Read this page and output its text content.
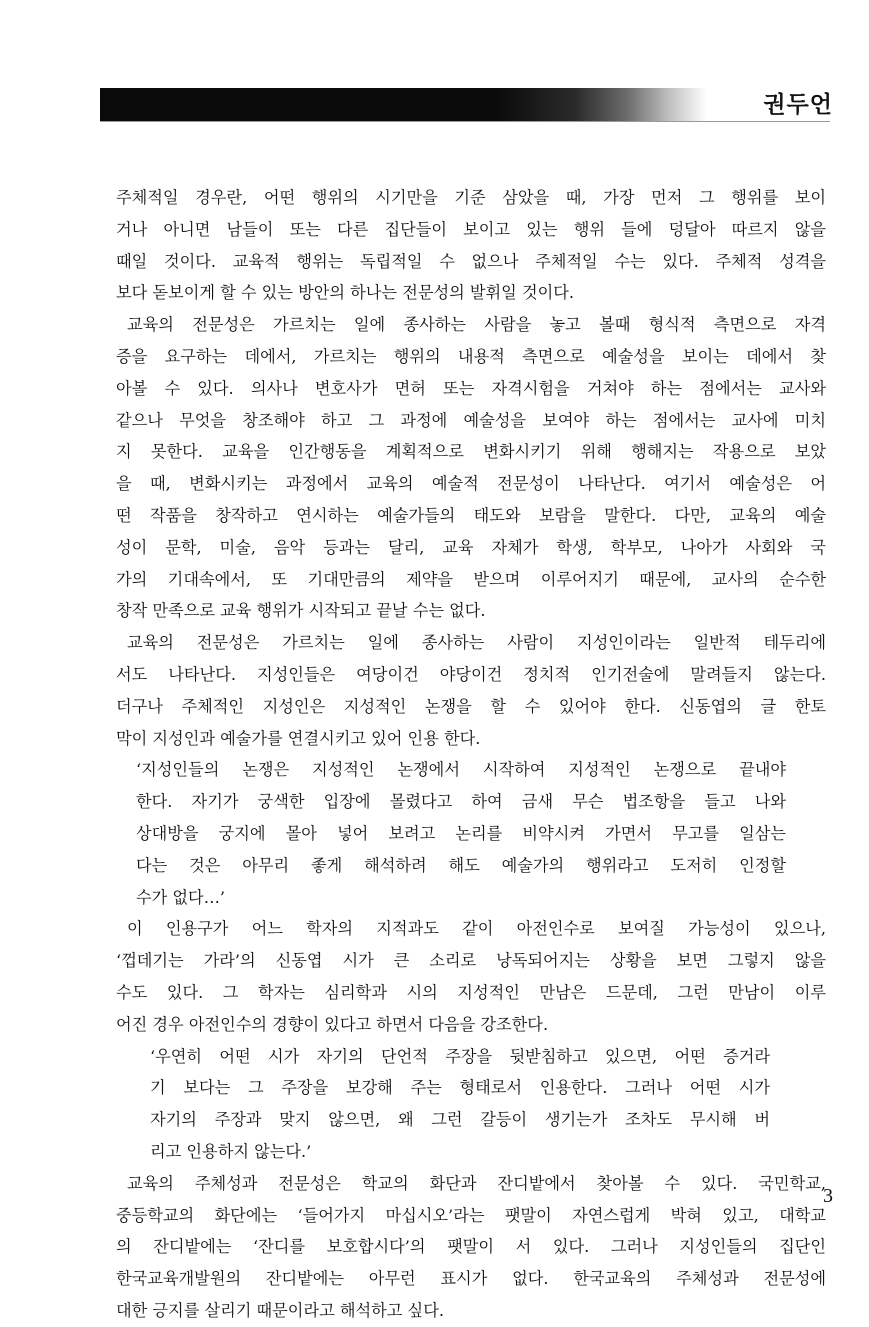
권두언
주체적일 경우란, 어떤 행위의 시기만을 기준 삼았을 때, 가장 먼저 그 행위를 보이
거나 아니면 남들이 또는 다른 집단들이 보이고 있는 행위 들에 덩달아 따르지 않을
때일 것이다. 교육적 행위는 독립적일 수 없으나 주체적일 수는 있다. 주체적 성격을
보다 돋보이게 할 수 있는 방안의 하나는 전문성의 발휘일 것이다.
교육의 전문성은 가르치는 일에 종사하는 사람을 놓고 볼때 형식적 측면으로 자격
증을 요구하는 데에서, 가르치는 행위의 내용적 측면으로 예술성을 보이는 데에서 찾
아볼 수 있다. 의사나 변호사가 면허 또는 자격시험을 거쳐야 하는 점에서는 교사와
같으나 무엇을 창조해야 하고 그 과정에 예술성을 보여야 하는 점에서는 교사에 미치
지 못한다. 교육을 인간행동을 계획적으로 변화시키기 위해 행해지는 작용으로 보았
을 때, 변화시키는 과정에서 교육의 예술적 전문성이 나타난다. 여기서 예술성은 어
떤 작품을 창작하고 연시하는 예술가들의 태도와 보람을 말한다. 다만, 교육의 예술
성이 문학, 미술, 음악 등과는 달리, 교육 자체가 학생, 학부모, 나아가 사회와 국
가의 기대속에서, 또 기대만큼의 제약을 받으며 이루어지기 때문에, 교사의 순수한
창작 만족으로 교육 행위가 시작되고 끝날 수는 없다.
교육의 전문성은 가르치는 일에 종사하는 사람이 지성인이라는 일반적 테두리에
서도 나타난다. 지성인들은 여당이건 야당이건 정치적 인기전술에 말려들지 않는다.
더구나 주체적인 지성인은 지성적인 논쟁을 할 수 있어야 한다. 신동엽의 글 한토
막이 지성인과 예술가를 연결시키고 있어 인용 한다.
‘지성인들의 논쟁은 지성적인 논쟁에서 시작하여 지성적인 논쟁으로 끝내야
한다. 자기가 궁색한 입장에 몰렸다고 하여 금새 무슨 법조항을 들고 나와
상대방을 궁지에 몰아 넣어 보려고 논리를 비약시켜 가면서 무고를 일삼는
다는 것은 아무리 좋게 해석하려 해도 예술가의 행위라고 도저히 인정할
수가 없다…’
이 인용구가 어느 학자의 지적과도 같이 아전인수로 보여질 가능성이 있으나,
‘껍데기는 가라’의 신동엽 시가 큰 소리로 낭독되어지는 상황을 보면 그렇지 않을
수도 있다. 그 학자는 심리학과 시의 지성적인 만남은 드문데, 그런 만남이 이루
어진 경우 아전인수의 경향이 있다고 하면서 다음을 강조한다.
‘우연히 어떤 시가 자기의 단언적 주장을 뒷받침하고 있으면, 어떤 증거라
기 보다는 그 주장을 보강해 주는 형태로서 인용한다. 그러나 어떤 시가
자기의 주장과 맞지 않으면, 왜 그런 갈등이 생기는가 조차도 무시해 버
리고 인용하지 않는다.’
교육의 주체성과 전문성은 학교의 화단과 잔디밭에서 찾아볼 수 있다. 국민학교,
중등학교의 화단에는 ‘들어가지 마십시오’라는 팻말이 자연스럽게 박혀 있고, 대학교
의 잔디밭에는 ‘잔디를 보호합시다’의 팻말이 서 있다. 그러나 지성인들의 집단인
한국교육개발원의 잔디밭에는 아무런 표시가 없다. 한국교육의 주체성과 전문성에
대한 긍지를 살리기 때문이라고 해석하고 싶다.
3
